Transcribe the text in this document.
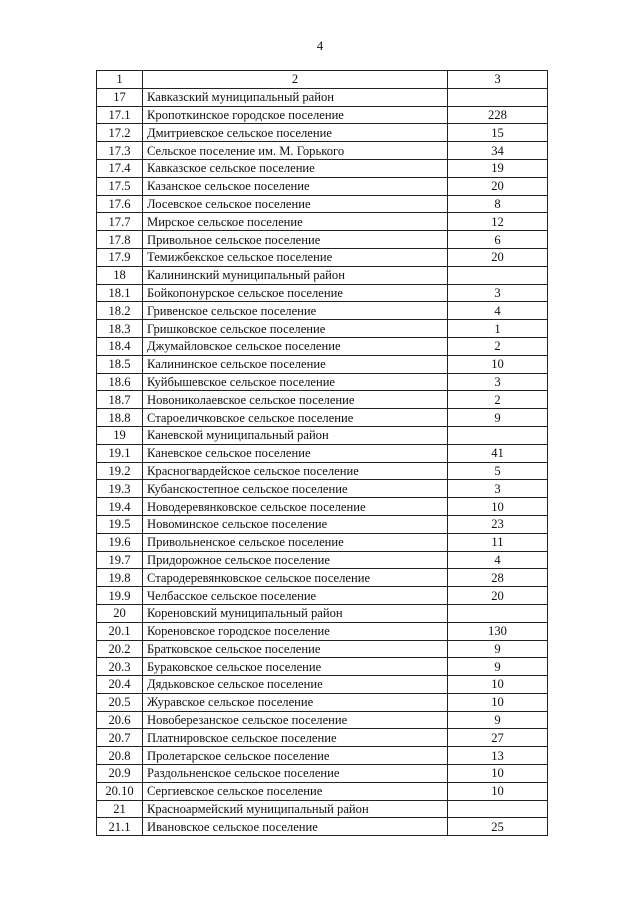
4
1	2	3
17	Кавказский муниципальный район	
17.1	Кропоткинское городское поселение	228
17.2	Дмитриевское сельское поселение	15
17.3	Сельское поселение им. М. Горького	34
17.4	Кавказское сельское поселение	19
17.5	Казанское сельское поселение	20
17.6	Лосевское сельское поселение	8
17.7	Мирское сельское поселение	12
17.8	Привольное сельское поселение	6
17.9	Темижбекское сельское поселение	20
18	Калининский муниципальный район	
18.1	Бойкопонурское сельское поселение	3
18.2	Гривенское сельское поселение	4
18.3	Гришковское сельское поселение	1
18.4	Джумайловское сельское поселение	2
18.5	Калининское сельское поселение	10
18.6	Куйбышевское сельское поселение	3
18.7	Новониколаевское сельское поселение	2
18.8	Староеличковское сельское поселение	9
19	Каневской муниципальный район	
19.1	Каневское сельское поселение	41
19.2	Красногвардейское сельское поселение	5
19.3	Кубанскостепное сельское поселение	3
19.4	Новодеревянковское сельское поселение	10
19.5	Новоминское сельское поселение	23
19.6	Привольненское сельское поселение	11
19.7	Придорожное сельское поселение	4
19.8	Стародеревянковское сельское поселение	28
19.9	Челбасское сельское поселение	20
20	Кореновский муниципальный район	
20.1	Кореновское городское поселение	130
20.2	Братковское сельское поселение	9
20.3	Бураковское сельское поселение	9
20.4	Дядьковское сельское поселение	10
20.5	Журавское сельское поселение	10
20.6	Новоберезанское сельское поселение	9
20.7	Платнировское сельское поселение	27
20.8	Пролетарское сельское поселение	13
20.9	Раздольненское сельское поселение	10
20.10	Сергиевское сельское поселение	10
21	Красноармейский муниципальный район	
21.1	Ивановское сельское поселение	25
